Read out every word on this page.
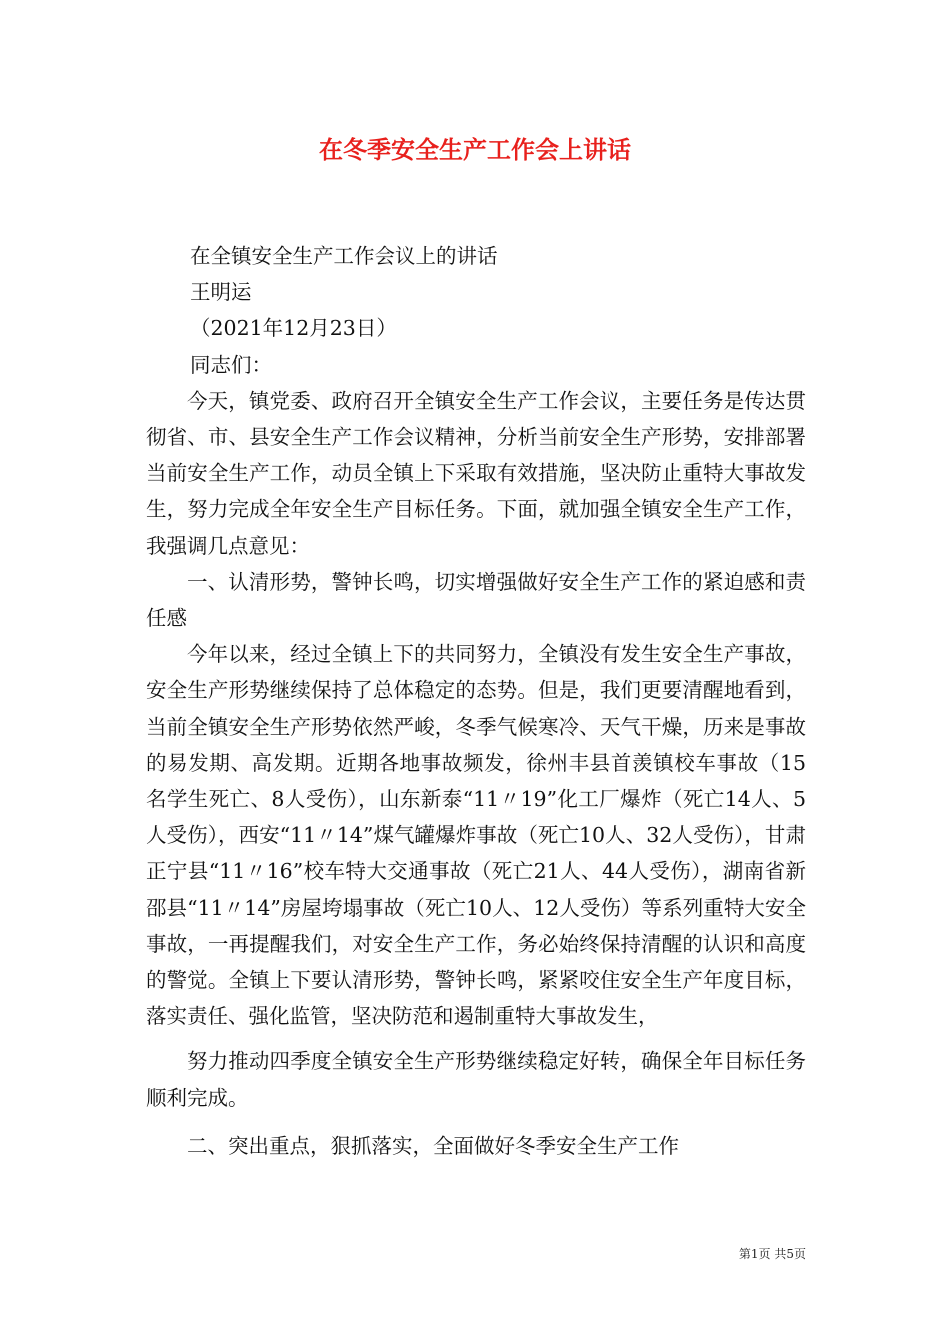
在冬季安全生产工作会上讲话

在全镇安全生产工作会议上的讲话

王明运

（2021年12月23日）

同志们：

今天，镇党委、政府召开全镇安全生产工作会议，主要任务是传达贯彻省、市、县安全生产工作会议精神，分析当前安全生产形势，安排部署当前安全生产工作，动员全镇上下采取有效措施，坚决防止重特大事故发生，努力完成全年安全生产目标任务。下面，就加强全镇安全生产工作，我强调几点意见：

一、认清形势，警钟长鸣，切实增强做好安全生产工作的紧迫感和责任感

今年以来，经过全镇上下的共同努力，全镇没有发生安全生产事故，安全生产形势继续保持了总体稳定的态势。但是，我们更要清醒地看到，当前全镇安全生产形势依然严峻，冬季气候寒冷、天气干燥，历来是事故的易发期、高发期。近期各地事故频发，徐州丰县首羡镇校车事故（15名学生死亡、8人受伤），山东新泰“11〃19”化工厂爆炸（死亡14人、5人受伤），西安“11〃14”煤气罐爆炸事故（死亡10人、32人受伤），甘肃正宁县“11〃16”校车特大交通事故（死亡21人、44人受伤），湖南省新邵县“11〃14”房屋垮塌事故（死亡10人、12人受伤）等系列重特大安全事故，一再提醒我们，对安全生产工作，务必始终保持清醒的认识和高度的警觉。全镇上下要认清形势，警钟长鸣，紧紧咬住安全生产年度目标，落实责任、强化监管，坚决防范和遏制重特大事故发生，

努力推动四季度全镇安全生产形势继续稳定好转，确保全年目标任务顺利完成。

二、突出重点，狠抓落实，全面做好冬季安全生产工作

第1页 共5页
